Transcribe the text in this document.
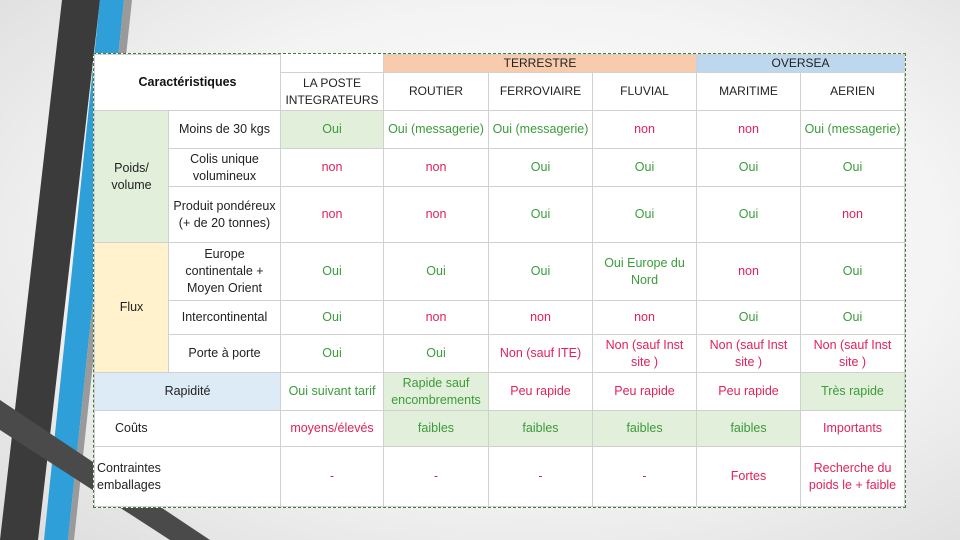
Caractéristiques			TERRESTRE			OVERSEA	
		LA POSTE INTEGRATEURS	ROUTIER	FERROVIAIRE	FLUVIAL	MARITIME	AERIEN
Poids/ volume	Moins de 30 kgs	Oui	Oui (messagerie)	Oui (messagerie)	non	non	Oui (messagerie)
	Colis unique volumineux	non	non	Oui	Oui	Oui	Oui
	Produit pondéreux (+ de 20 tonnes)	non	non	Oui	Oui	Oui	non
Flux	Europe continentale + Moyen Orient	Oui	Oui	Oui	Oui Europe du Nord	non	Oui
	Intercontinental	Oui	non	non	non	Oui	Oui
	Porte à porte	Oui	Oui	Non (sauf ITE)	Non (sauf Inst site )	Non (sauf Inst site )	Non (sauf Inst site )
Rapidité		Oui suivant tarif	Rapide sauf encombrements	Peu rapide	Peu rapide	Peu rapide	Très rapide
Coûts		moyens/élevés	faibles	faibles	faibles	faibles	Importants

Contraintes emballages		-	-	-	-	Fortes	Recherche du poids le + faible
